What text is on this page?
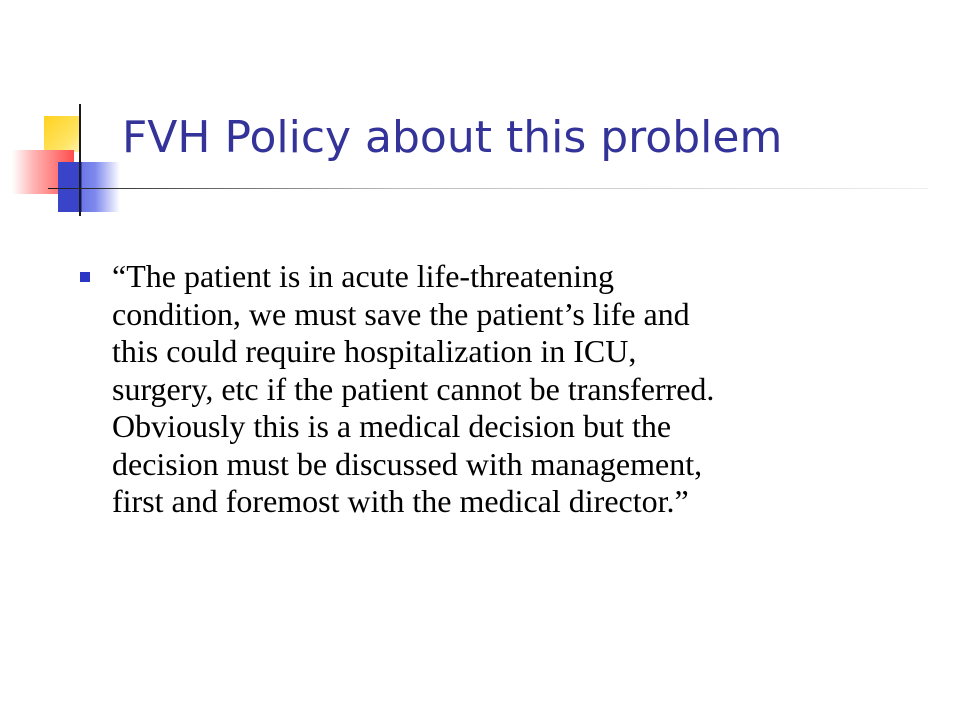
FVH Policy about this problem

“The patient is in acute life-threatening
condition, we must save the patient’s life and
this could require hospitalization in ICU,
surgery, etc if the patient cannot be transferred.
Obviously this is a medical decision but the
decision must be discussed with management,
first and foremost with the medical director.”
